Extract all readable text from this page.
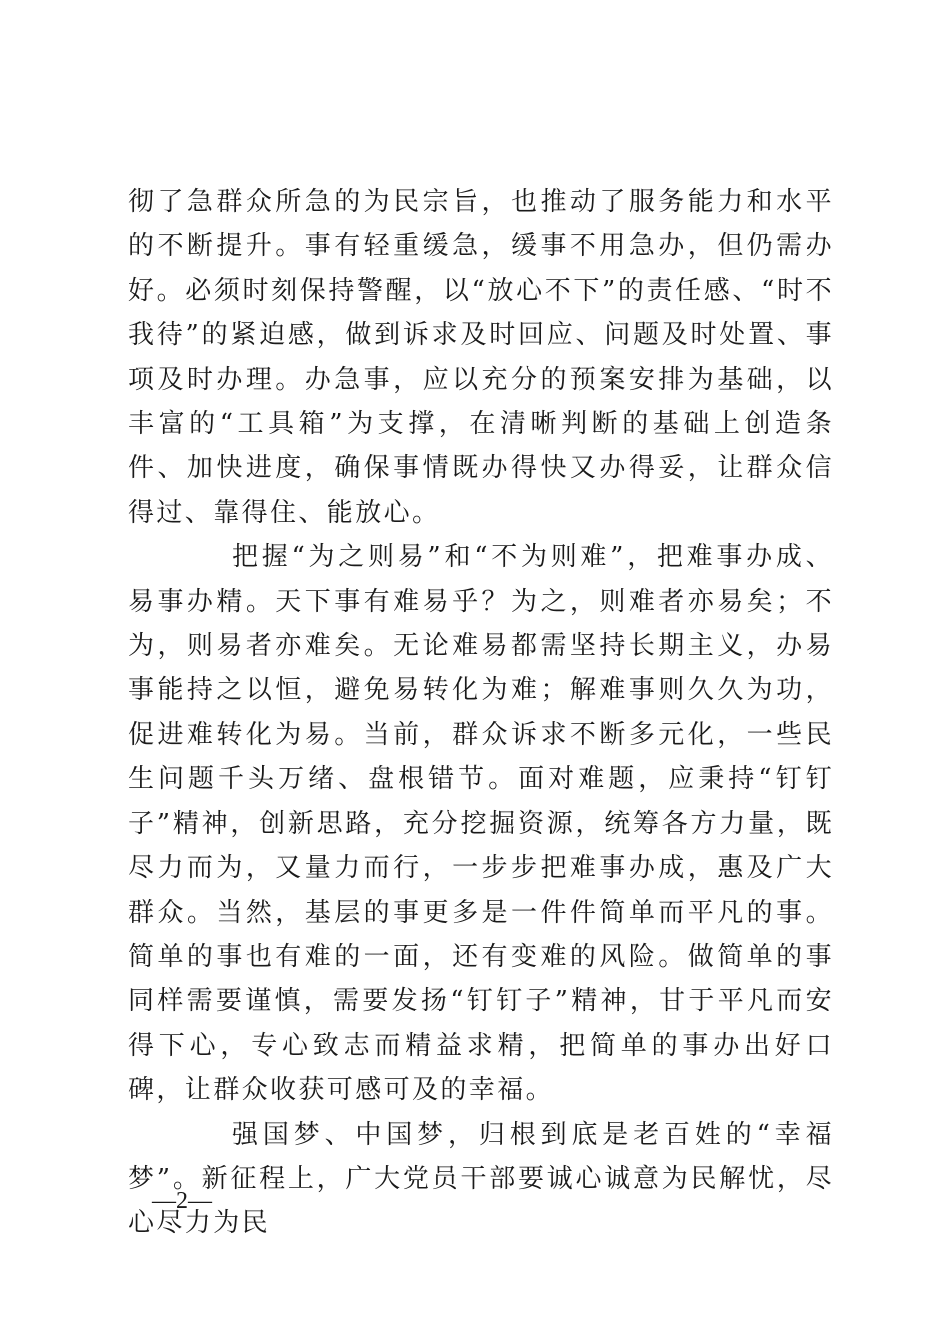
彻了急群众所急的为民宗旨，也推动了服务能力和水平的不断提升。事有轻重缓急，缓事不用急办，但仍需办好。必须时刻保持警醒，以“放心不下”的责任感、“时不我待”的紧迫感，做到诉求及时回应、问题及时处置、事项及时办理。办急事，应以充分的预案安排为基础，以丰富的“工具箱”为支撑，在清晰判断的基础上创造条件、加快进度，确保事情既办得快又办得妥，让群众信得过、靠得住、能放心。

把握“为之则易”和“不为则难”，把难事办成、易事办精。天下事有难易乎？为之，则难者亦易矣；不为，则易者亦难矣。无论难易都需坚持长期主义，办易事能持之以恒，避免易转化为难；解难事则久久为功，促进难转化为易。当前，群众诉求不断多元化，一些民生问题千头万绪、盘根错节。面对难题，应秉持“钉钉子”精神，创新思路，充分挖掘资源，统筹各方力量，既尽力而为，又量力而行，一步步把难事办成，惠及广大群众。当然，基层的事更多是一件件简单而平凡的事。简单的事也有难的一面，还有变难的风险。做简单的事同样需要谨慎，需要发扬“钉钉子”精神，甘于平凡而安得下心，专心致志而精益求精，把简单的事办出好口碑，让群众收获可感可及的幸福。

强国梦、中国梦，归根到底是老百姓的“幸福梦”。新征程上，广大党员干部要诚心诚意为民解忧，尽心尽力为民

—2—
